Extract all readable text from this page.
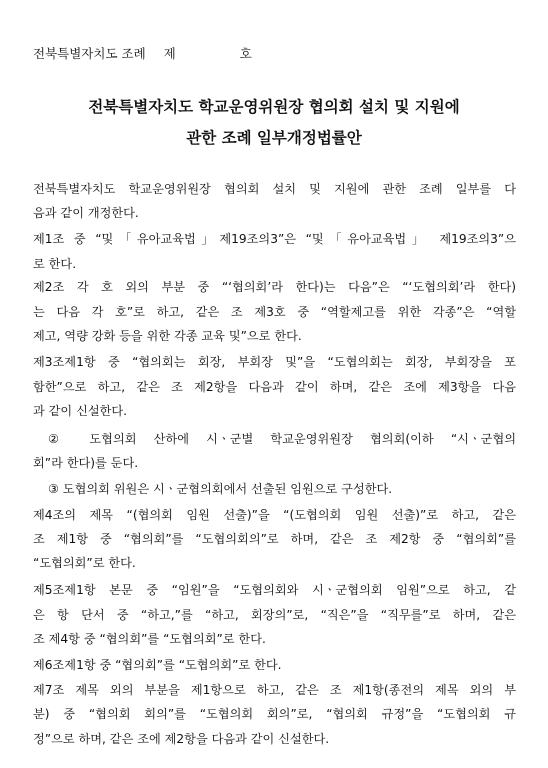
전북특별자치도 조례 제	호
전북특별자치도 학교운영위원장 협의회 설치 및 지원에
관한 조례 일부개정법률안
전북특별자치도 학교운영위원장 협의회 설치 및 지원에 관한 조례 일부를 다
음과 같이 개정한다.
제1조 중 “및「유아교육법」제19조의3”은 “및「유아교육법」 제19조의3”으
로 한다.
제2조 각 호 외의 부분 중 “‘협의회’라 한다)는 다음”은 “‘도협의회’라 한다)
는 다음 각 호”로 하고, 같은 조 제3호 중 “역할제고를 위한 각종”은 “역할
제고, 역량 강화 등을 위한 각종 교육 및”으로 한다.
제3조제1항 중 “협의회는 회장, 부회장 및”을 “도협의회는 회장, 부회장을 포
함한”으로 하고, 같은 조 제2항을 다음과 같이 하며, 같은 조에 제3항을 다음
과 같이 신설한다.
② 도협의회 산하에 시ㆍ군별 학교운영위원장 협의회(이하 “시ㆍ군협의
회”라 한다)를 둔다.
③ 도협의회 위원은 시ㆍ군협의회에서 선출된 임원으로 구성한다.
제4조의 제목 “(협의회 임원 선출)”을 “(도협의회 임원 선출)”로 하고, 같은
조 제1항 중 “협의회”를 “도협의회의”로 하며, 같은 조 제2항 중 “협의회”를
“도협의회”로 한다.
제5조제1항 본문 중 “임원”을 “도협의회와 시ㆍ군협의회 임원”으로 하고, 같
은 항 단서 중 “하고,”를 “하고, 회장의”로, “직은”을 “직무를”로 하며, 같은
조 제4항 중 “협의회”를 “도협의회”로 한다.
제6조제1항 중 “협의회”를 “도협의회”로 한다.
제7조 제목 외의 부분을 제1항으로 하고, 같은 조 제1항(종전의 제목 외의 부
분) 중 “협의회 회의”를 “도협의회 회의”로, “협의회 규정”을 “도협의회 규
정”으로 하며, 같은 조에 제2항을 다음과 같이 신설한다.
